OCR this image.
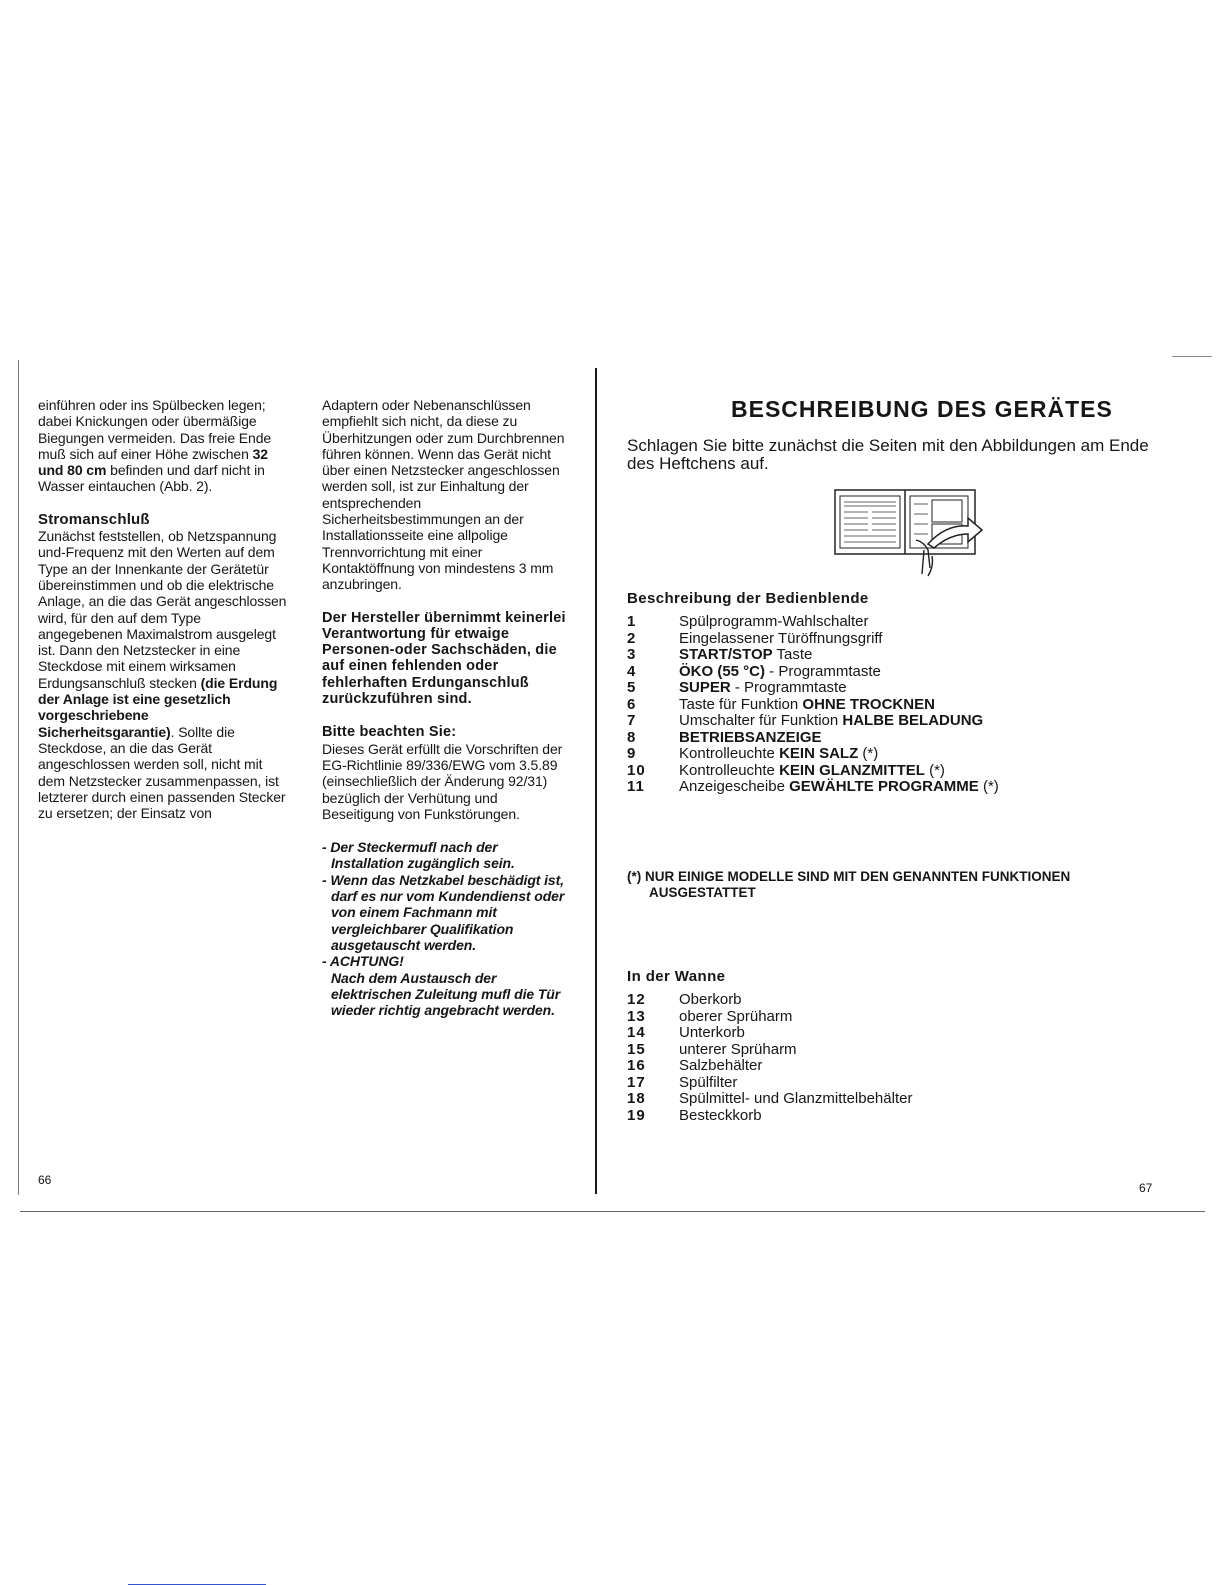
einführen oder ins Spülbecken legen; dabei Knickungen oder übermäßige Biegungen vermeiden. Das freie Ende muß sich auf einer Höhe zwischen 32 und 80 cm befinden und darf nicht in Wasser eintauchen (Abb. 2).

Stromanschluß

Zunächst feststellen, ob Netzspannung und-Frequenz mit den Werten auf dem Type an der Innenkante der Gerätetür übereinstimmen und ob die elektrische Anlage, an die das Gerät angeschlossen wird, für den auf dem Type angegebenen Maximalstrom ausgelegt ist. Dann den Netzstecker in eine Steckdose mit einem wirksamen Erdungsanschluß stecken (die Erdung der Anlage ist eine gesetzlich vorgeschriebene Sicherheitsgarantie). Sollte die Steckdose, an die das Gerät angeschlossen werden soll, nicht mit dem Netzstecker zusammenpassen, ist letzterer durch einen passenden Stecker zu ersetzen; der Einsatz von

66

Adaptern oder Nebenanschlüssen empfiehlt sich nicht, da diese zu Überhitzungen oder zum Durchbrennen führen können. Wenn das Gerät nicht über einen Netzstecker angeschlossen werden soll, ist zur Einhaltung der entsprechenden Sicherheitsbestimmungen an der Installationsseite eine allpolige Trennvorrichtung mit einer Kontaktöffnung von mindestens 3 mm anzubringen.

Der Hersteller übernimmt keinerlei Verantwortung für etwaige Personen-oder Sachschäden, die auf einen fehlenden oder fehlerhaften Erdunganschluß zurückzuführen sind.

Bitte beachten Sie:

Dieses Gerät erfüllt die Vorschriften der EG-Richtlinie 89/336/EWG vom 3.5.89 (einsechließlich der Änderung 92/31) bezüglich der Verhütung und Beseitigung von Funkstörungen.

- Der Steckermufl nach der Installation zugänglich sein.

- Wenn das Netzkabel beschädigt ist, darf es nur vom Kundendienst oder von einem Fachmann mit vergleichbarer Qualifikation ausgetauscht werden.

- ACHTUNG!

Nach dem Austausch der elektrischen Zuleitung mufl die Tür wieder richtig angebracht werden.

BESCHREIBUNG DES GERÄTES
Schlagen Sie bitte zunächst die Seiten mit den Abbildungen am Ende des Heftchens auf.
Beschreibung der Bedienblende
1	Spülprogramm-Wahlschalter
2	Eingelassener Türöffnungsgriff
3	START/STOP Taste
4	ÖKO (55 °C) - Programmtaste
5	SUPER - Programmtaste
6	Taste für Funktion OHNE TROCKNEN
7	Umschalter für Funktion HALBE BELADUNG
8	BETRIEBSANZEIGE
9	Kontrolleuchte KEIN SALZ (*)
10	Kontrolleuchte KEIN GLANZMITTEL (*)
11	Anzeigescheibe GEWÄHLTE PROGRAMME (*)
(*) NUR EINIGE MODELLE SIND MIT DEN GENANNTEN FUNKTIONEN
AUSGESTATTET
In der Wanne
12	Oberkorb
13	oberer Sprüharm
14	Unterkorb
15	unterer Sprüharm
16	Salzbehälter
17	Spülfilter
18	Spülmittel- und Glanzmittelbehälter
19	Besteckkorb
67
